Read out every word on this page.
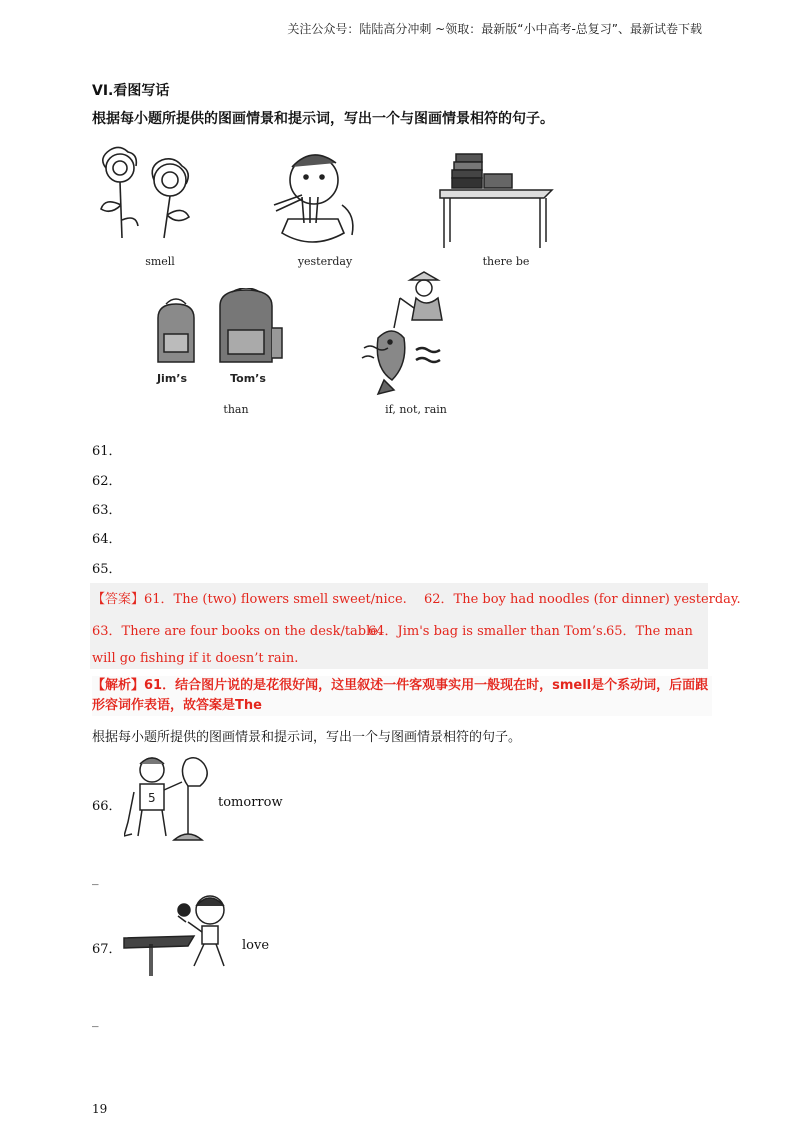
关注公众号：陆陆高分冲刺 ~领取：最新版“小中高考-总复习”、最新试卷下载
VI.看图写话
根据每小题所提供的图画情景和提示词，写出一个与图画情景相符的句子。
smell	yesterday	there be
Jim’s	Tom’s
than	if, not, rain
61．
62．
63．
64．
65．
【答案】61．The (two) flowers smell sweet/nice. 62．The boy had noodles (for dinner) yesterday.
63．There are four books on the desk/table.
64．Jim's bag is smaller than Tom’s. 65．The man
will go fishing if it doesn’t rain.
【解析】61．结合图片说的是花很好闻，这里叙述一件客观事实用一般现在时，smell是个系动词，后面跟形容词作表语，故答案是The
根据每小题所提供的图画情景和提示词，写出一个与图画情景相符的句子。
66．
5	tomorrow
_
67．	love
_
19
